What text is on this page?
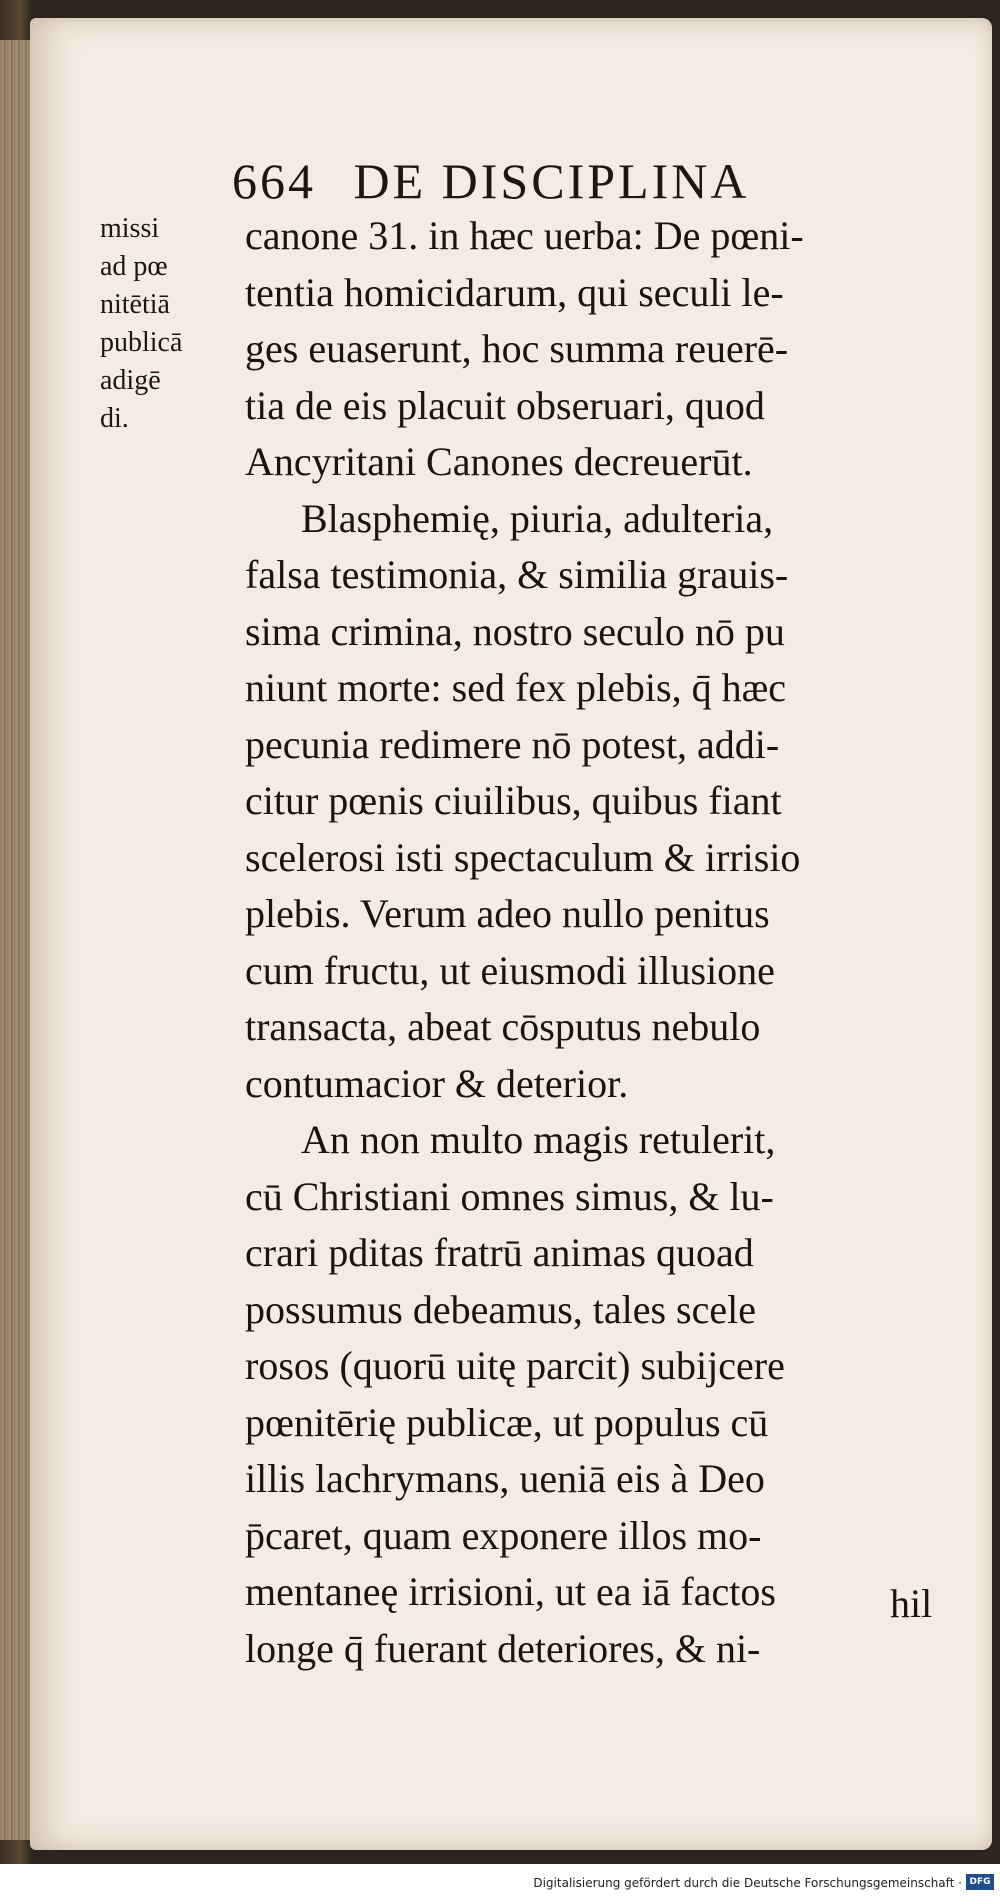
664 DE DISCIPLINA
missi
ad pœ
nitētiā
publicā
adigē
di.
canone 31. in hæc uerba: De pœni-
tentia homicidarum, qui seculi le-
ges euaserunt, hoc summa reuerē-
tia de eis placuit obseruari, quod
Ancyritani Canones decreuerūt.
Blasphemię, piuria, adulteria,
falsa testimonia, & similia grauis-
sima crimina, nostro seculo nō pu
niunt morte: sed fex plebis, q̄ hæc
pecunia redimere nō potest, addi-
citur pœnis ciuilibus, quibus fiant
scelerosi isti spectaculum & irrisio
plebis. Verum adeo nullo penitus
cum fructu, ut eiusmodi illusione
transacta, abeat cōsputus nebulo
contumacior & deterior.
An non multo magis retulerit,
cū Christiani omnes simus, & lu-
crari pditas fratrū animas quoad
possumus debeamus, tales scele
rosos (quorū uitę parcit) subijcere
pœnitērię publicæ, ut populus cū
illis lachrymans, ueniā eis à Deo
p̄caret, quam exponere illos mo-
mentaneę irrisioni, ut ea iā factos
longe q̄ fuerant deteriores, & ni-
hil
Digitalisierung gefördert durch die Deutsche Forschungsgemeinschaft · DFG
